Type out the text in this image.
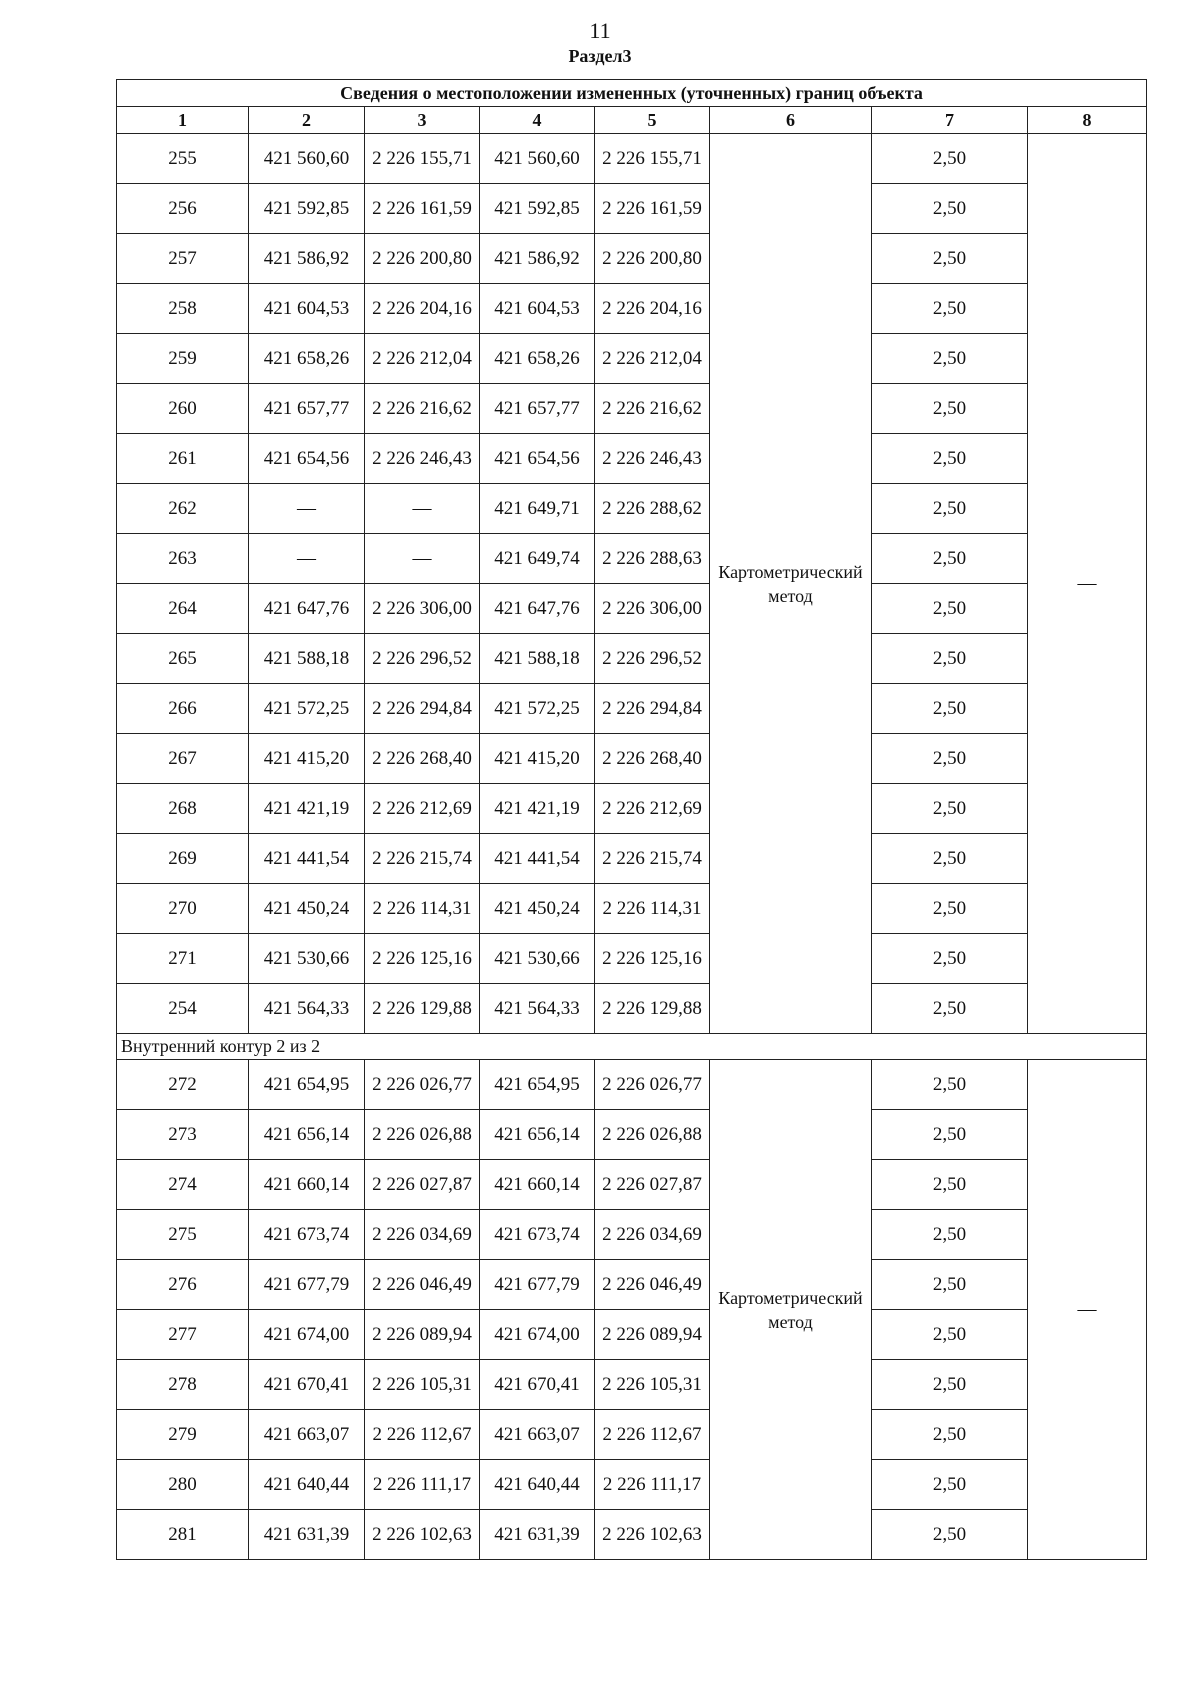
11
Раздел3
Сведения о местоположении измененных (уточненных) границ объекта							
1	2	3	4	5	6	7	8
255	421 560,60	2 226 155,71	421 560,60	2 226 155,71	Картометрический метод	2,50	—
256	421 592,85	2 226 161,59	421 592,85	2 226 161,59		2,50	
257	421 586,92	2 226 200,80	421 586,92	2 226 200,80		2,50	
258	421 604,53	2 226 204,16	421 604,53	2 226 204,16		2,50	
259	421 658,26	2 226 212,04	421 658,26	2 226 212,04		2,50	
260	421 657,77	2 226 216,62	421 657,77	2 226 216,62		2,50	
261	421 654,56	2 226 246,43	421 654,56	2 226 246,43		2,50	
262	—	—	421 649,71	2 226 288,62		2,50	
263	—	—	421 649,74	2 226 288,63		2,50	
264	421 647,76	2 226 306,00	421 647,76	2 226 306,00		2,50	
265	421 588,18	2 226 296,52	421 588,18	2 226 296,52		2,50	
266	421 572,25	2 226 294,84	421 572,25	2 226 294,84		2,50	
267	421 415,20	2 226 268,40	421 415,20	2 226 268,40		2,50	
268	421 421,19	2 226 212,69	421 421,19	2 226 212,69		2,50	
269	421 441,54	2 226 215,74	421 441,54	2 226 215,74		2,50	
270	421 450,24	2 226 114,31	421 450,24	2 226 114,31		2,50	
271	421 530,66	2 226 125,16	421 530,66	2 226 125,16		2,50	
254	421 564,33	2 226 129,88	421 564,33	2 226 129,88		2,50	
Внутренний контур 2 из 2							
272	421 654,95	2 226 026,77	421 654,95	2 226 026,77	Картометрический метод	2,50	—
273	421 656,14	2 226 026,88	421 656,14	2 226 026,88		2,50	
274	421 660,14	2 226 027,87	421 660,14	2 226 027,87		2,50	
275	421 673,74	2 226 034,69	421 673,74	2 226 034,69		2,50	
276	421 677,79	2 226 046,49	421 677,79	2 226 046,49		2,50	
277	421 674,00	2 226 089,94	421 674,00	2 226 089,94		2,50	
278	421 670,41	2 226 105,31	421 670,41	2 226 105,31		2,50	
279	421 663,07	2 226 112,67	421 663,07	2 226 112,67		2,50	
280	421 640,44	2 226 111,17	421 640,44	2 226 111,17		2,50	
281	421 631,39	2 226 102,63	421 631,39	2 226 102,63		2,50	
